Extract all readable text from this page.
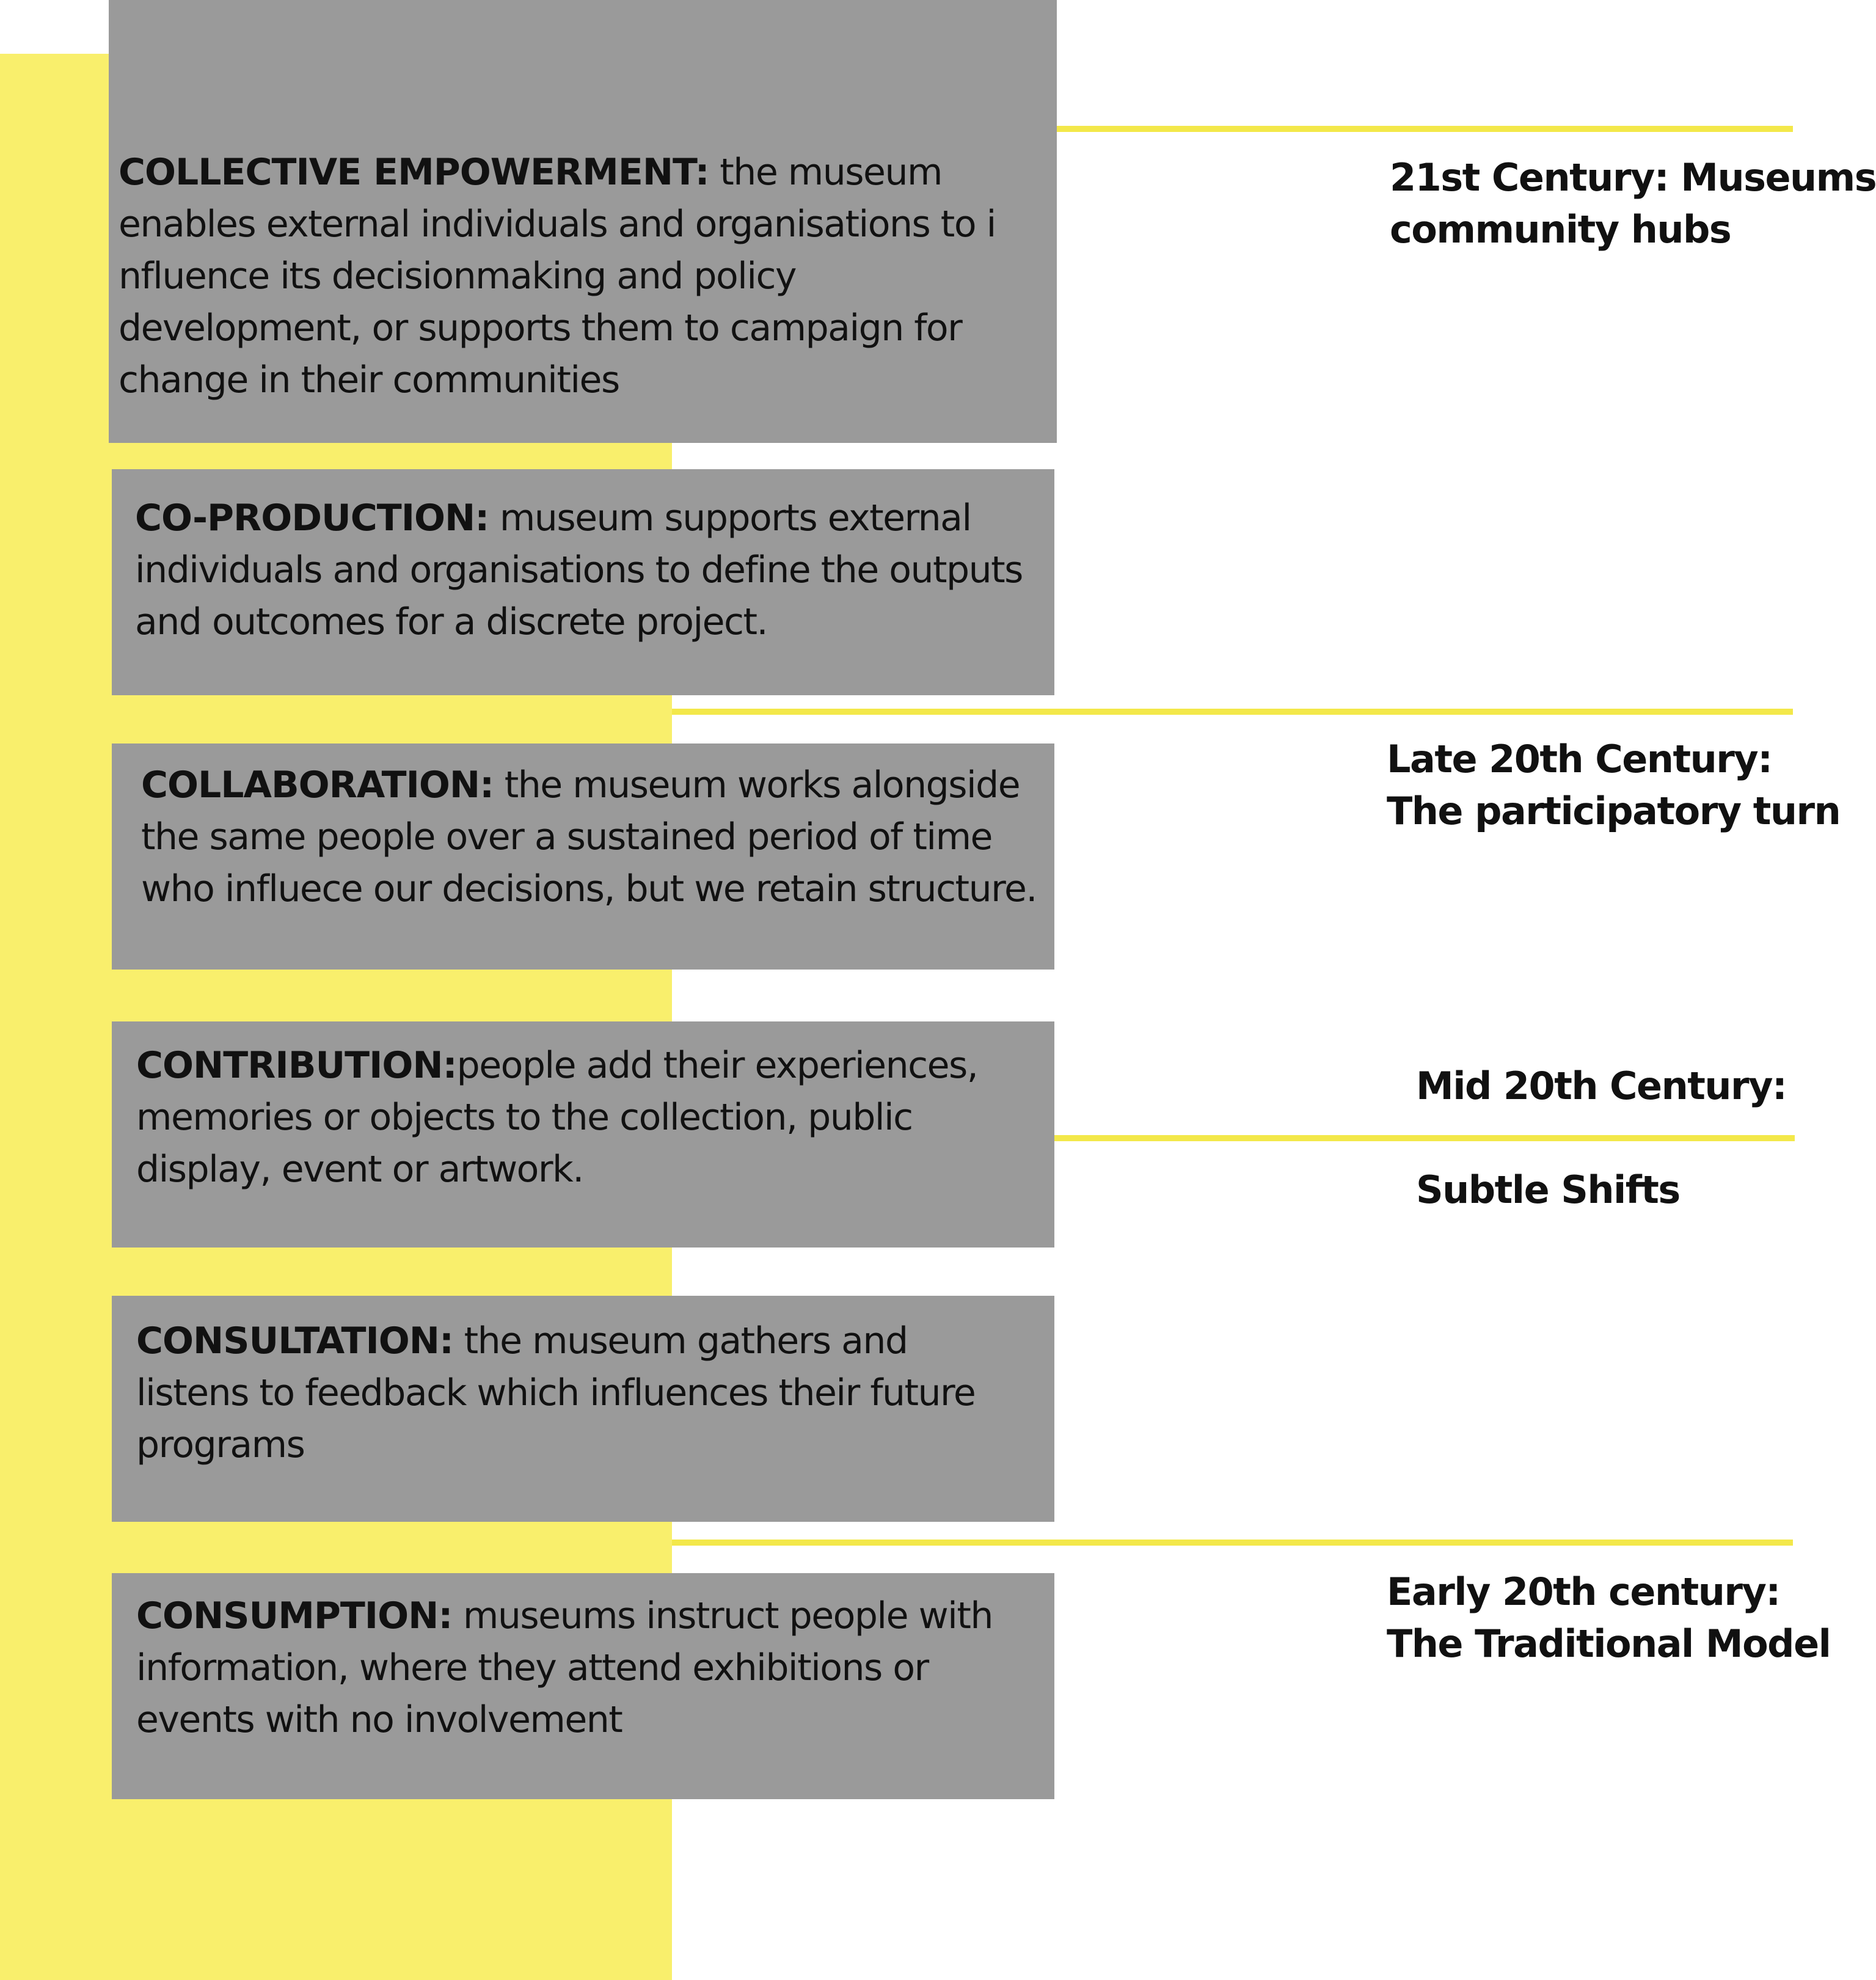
COLLECTIVE EMPOWERMENT: the museum enables external individuals and organisations to i nfluence its decisionmaking and policy development, or supports them to campaign for change in their communities
CO-PRODUCTION: museum supports external individuals and organisations to define the outputs and outcomes for a discrete project.
COLLABORATION: the museum works alongside the same people over a sustained period of time who influece our decisions, but we retain structure.
CONTRIBUTION:people add their experiences, memories or objects to the collection, public display, event or artwork.
CONSULTATION: the museum gathers and listens to feedback which influences their future programs
CONSUMPTION: museums instruct people with information, where they attend exhibitions or events with no involvement
21st Century: Museums
community hubs
Late 20th Century:
The participatory turn
Mid 20th Century:
Subtle Shifts
Early 20th century:
The Traditional Model
